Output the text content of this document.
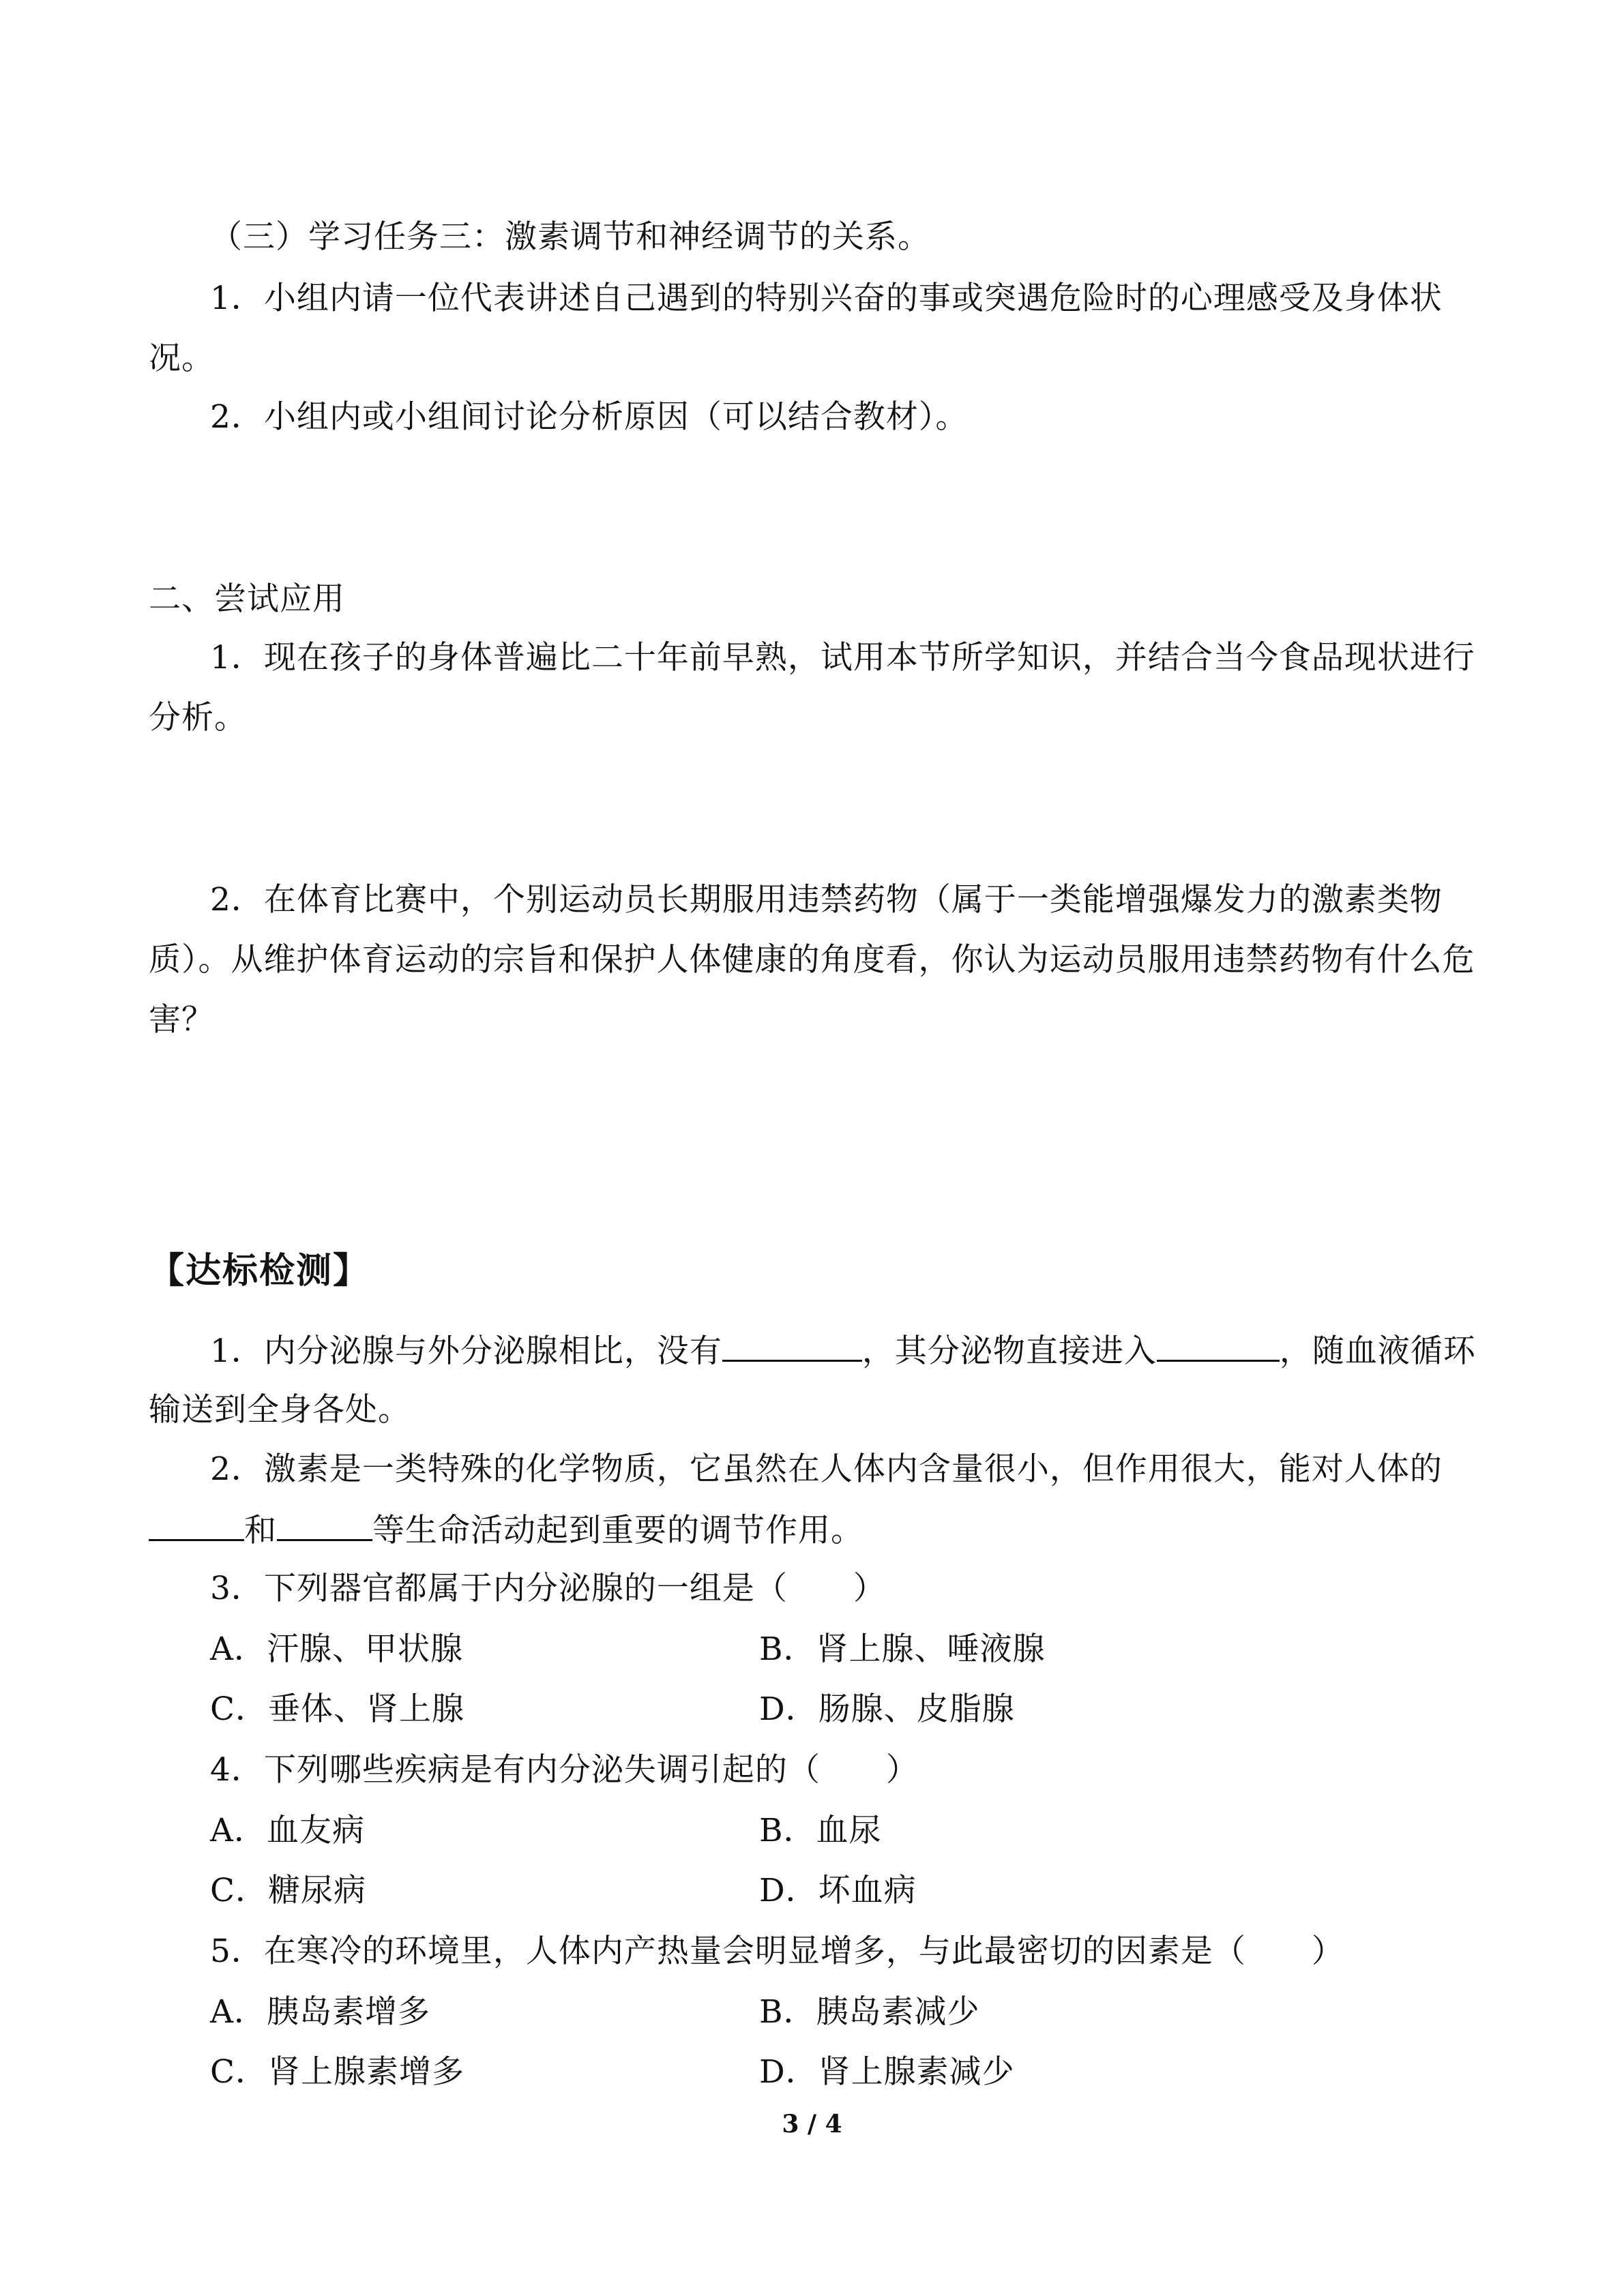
（三）学习任务三：激素调节和神经调节的关系。
1．小组内请一位代表讲述自己遇到的特别兴奋的事或突遇危险时的心理感受及身体状
况。
2．小组内或小组间讨论分析原因（可以结合教材）。
二、尝试应用
1．现在孩子的身体普遍比二十年前早熟，试用本节所学知识，并结合当今食品现状进行
分析。
2．在体育比赛中，个别运动员长期服用违禁药物（属于一类能增强爆发力的激素类物
质）。从维护体育运动的宗旨和保护人体健康的角度看，你认为运动员服用违禁药物有什么危
害？
【达标检测】
1．内分泌腺与外分泌腺相比，没有	，其分泌物直接进入	，随血液循环
输送到全身各处。
2．激素是一类特殊的化学物质，它虽然在人体内含量很小，但作用很大，能对人体的
和	等生命活动起到重要的调节作用。
3．下列器官都属于内分泌腺的一组是（　　）
A．汗腺、甲状腺	B．肾上腺、唾液腺
C．垂体、肾上腺	D．肠腺、皮脂腺
4．下列哪些疾病是有内分泌失调引起的（　　）
A．血友病	B．血尿
C．糖尿病	D．坏血病
5．在寒冷的环境里，人体内产热量会明显增多，与此最密切的因素是（　　）
A．胰岛素增多	B．胰岛素减少
C．肾上腺素增多	D．肾上腺素减少
3 / 4
